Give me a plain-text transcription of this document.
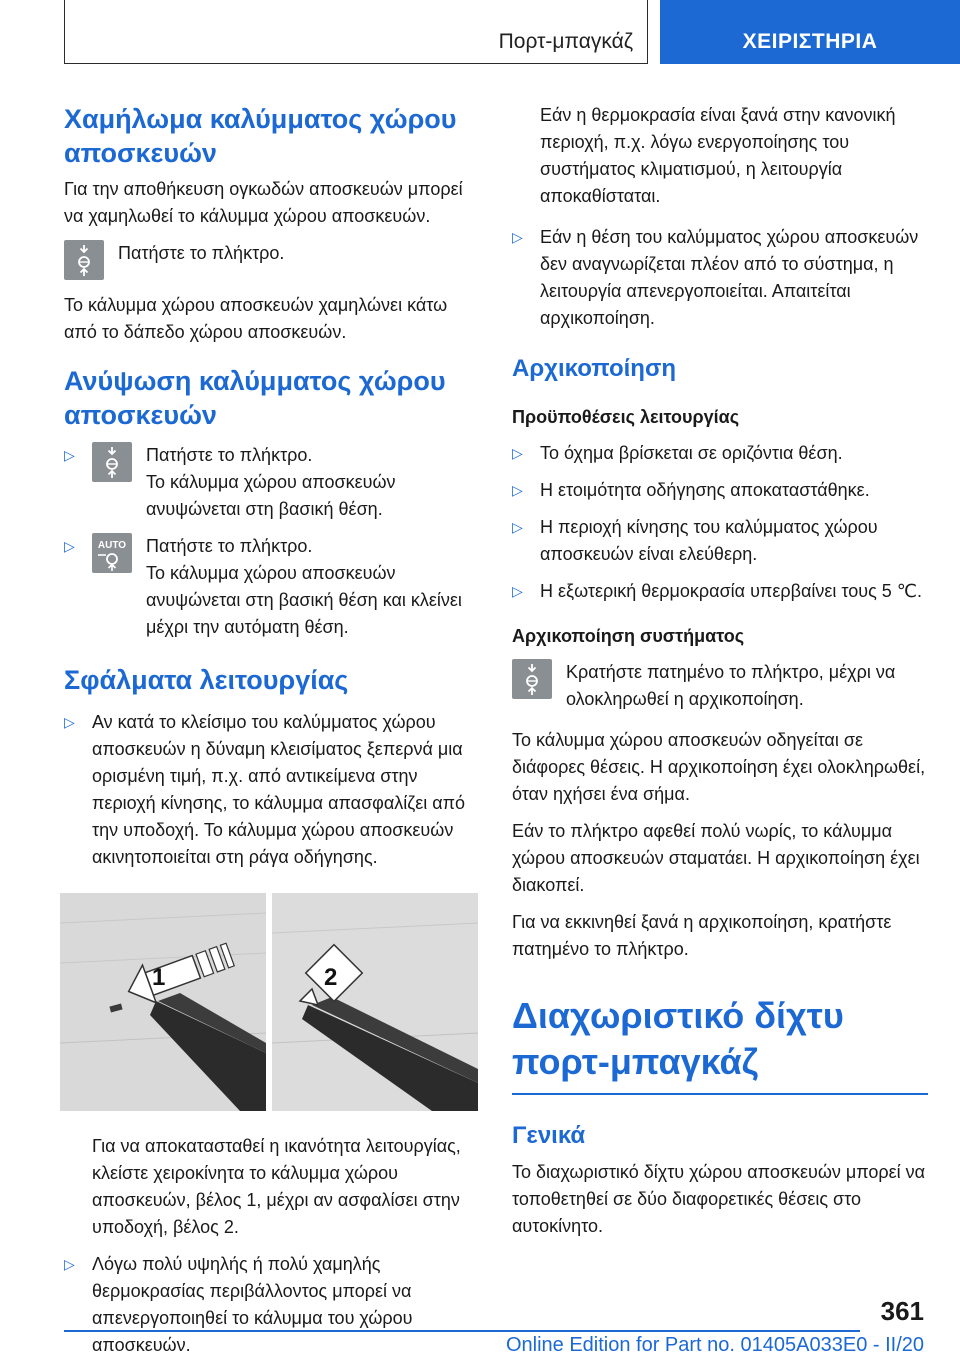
Πορτ-μπαγκάζ	ΧΕΙΡΙΣΤΗΡΙΑ
Χαμήλωμα καλύμματος χώρου αποσκευών

Για την αποθήκευση ογκωδών αποσκευών μπορεί να χαμηλωθεί το κάλυμμα χώρου αποσκευών.

Πατήστε το πλήκτρο.

Το κάλυμμα χώρου αποσκευών χαμηλώνει κάτω από το δάπεδο χώρου αποσκευών.

Ανύψωση καλύμματος χώρου αποσκευών
▷	Πατήστε το πλήκτρο.

Το κάλυμμα χώρου αποσκευών ανυψώνεται στη βασική θέση.

▷ AUTO Πατήστε το πλήκτρο.

Το κάλυμμα χώρου αποσκευών ανυψώνεται στη βασική θέση και κλείνει μέχρι την αυτόματη θέση.

Σφάλματα λειτουργίας
▷ Αν κατά το κλείσιμο του καλύμματος χώρου αποσκευών η δύναμη κλεισίματος ξεπερνά μια ορισμένη τιμή, π.χ. από αντικείμενα στην περιοχή κίνησης, το κάλυμμα απασφαλίζει από την υποδοχή. Το κάλυμμα χώρου αποσκευών ακινητοποιείται στη ράγα οδήγησης.

1	2

Για να αποκατασταθεί η ικανότητα λειτουργίας, κλείστε χειροκίνητα το κάλυμμα χώρου αποσκευών, βέλος 1, μέχρι αν ασφαλίσει στην υποδοχή, βέλος 2.

▷ Λόγω πολύ υψηλής ή πολύ χαμηλής θερμοκρασίας περιβάλλοντος μπορεί να απενεργοποιηθεί το κάλυμμα του χώρου αποσκευών.

Εάν η θερμοκρασία είναι ξανά στην κανονική περιοχή, π.χ. λόγω ενεργοποίησης του συστήματος κλιματισμού, η λειτουργία αποκαθίσταται.

▷ Εάν η θέση του καλύμματος χώρου αποσκευών δεν αναγνωρίζεται πλέον από το σύστημα, η λειτουργία απενεργοποιείται. Απαιτείται αρχικοποίηση.

Αρχικοποίηση
Προϋποθέσεις λειτουργίας
▷ Το όχημα βρίσκεται σε οριζόντια θέση.

▷ Η ετοιμότητα οδήγησης αποκαταστάθηκε.

▷ Η περιοχή κίνησης του καλύμματος χώρου αποσκευών είναι ελεύθερη.

▷ Η εξωτερική θερμοκρασία υπερβαίνει τους 5 ℃.

Αρχικοποίηση συστήματος
Κρατήστε πατημένο το πλήκτρο, μέχρι να ολοκληρωθεί η αρχικοποίηση.

Το κάλυμμα χώρου αποσκευών οδηγείται σε διάφορες θέσεις. Η αρχικοποίηση έχει ολοκληρωθεί, όταν ηχήσει ένα σήμα.

Εάν το πλήκτρο αφεθεί πολύ νωρίς, το κάλυμμα χώρου αποσκευών σταματάει. Η αρχικοποίηση έχει διακοπεί.

Για να εκκινηθεί ξανά η αρχικοποίηση, κρατήστε πατημένο το πλήκτρο.

Διαχωριστικό δίχτυ πορτ-μπαγκάζ
Γενικά

Το διαχωριστικό δίχτυ χώρου αποσκευών μπορεί να τοποθετηθεί σε δύο διαφορετικές θέσεις στο αυτοκίνητο.

361
Online Edition for Part no. 01405A033E0 - II/20
